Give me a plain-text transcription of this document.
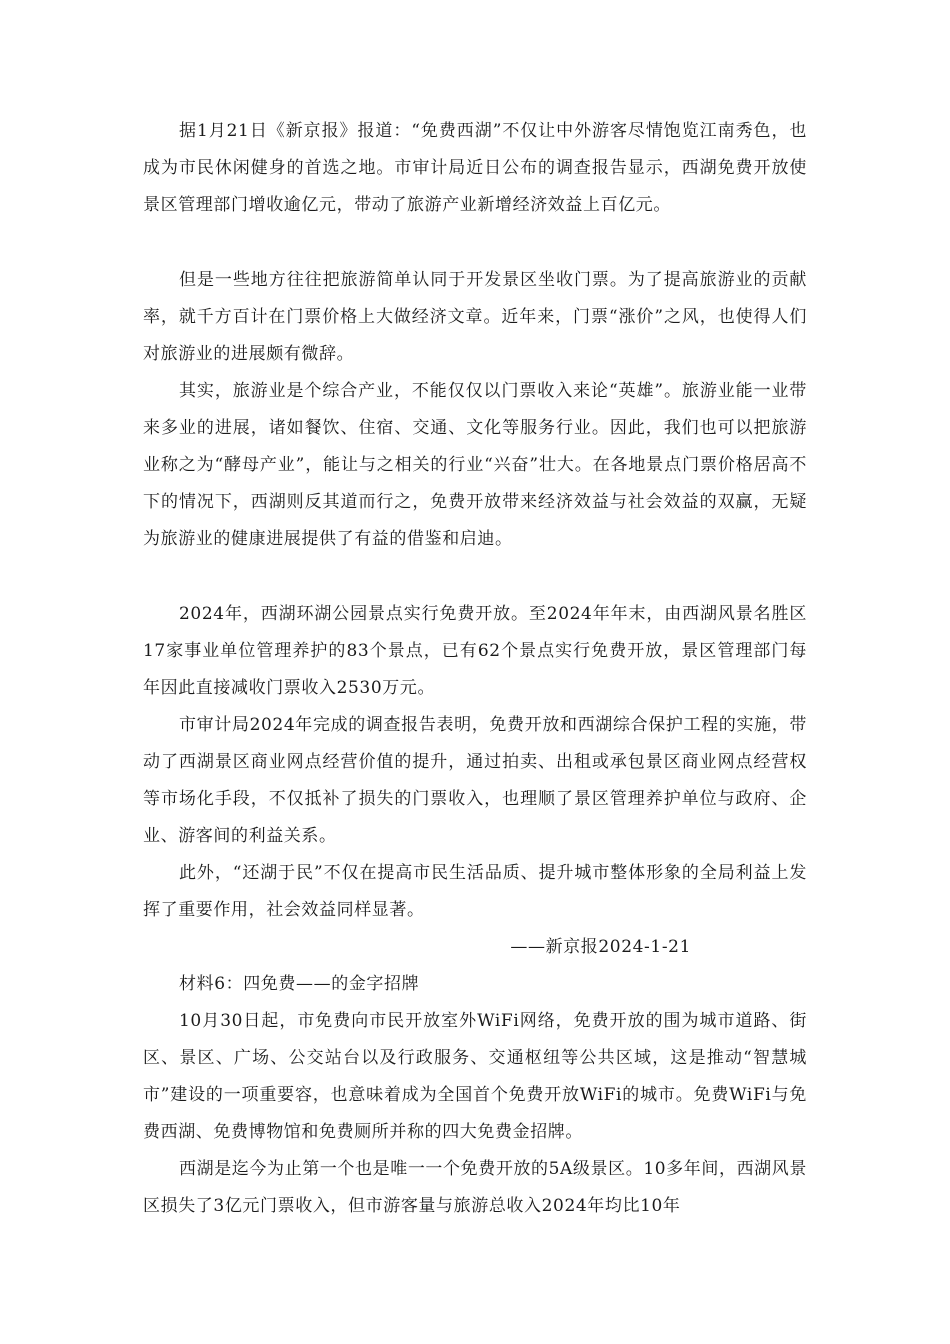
据1月21日《新京报》报道：“免费西湖”不仅让中外游客尽情饱览江南秀色，也成为市民休闲健身的首选之地。市审计局近日公布的调查报告显示，西湖免费开放使景区管理部门增收逾亿元，带动了旅游产业新增经济效益上百亿元。

但是一些地方往往把旅游简单认同于开发景区坐收门票。为了提高旅游业的贡献率，就千方百计在门票价格上大做经济文章。近年来，门票“涨价”之风，也使得人们对旅游业的进展颇有微辞。

其实，旅游业是个综合产业，不能仅仅以门票收入来论“英雄”。旅游业能一业带来多业的进展，诸如餐饮、住宿、交通、文化等服务行业。因此，我们也可以把旅游业称之为“酵母产业”，能让与之相关的行业“兴奋”壮大。在各地景点门票价格居高不下的情况下，西湖则反其道而行之，免费开放带来经济效益与社会效益的双赢，无疑为旅游业的健康进展提供了有益的借鉴和启迪。

2024年，西湖环湖公园景点实行免费开放。至2024年年末，由西湖风景名胜区17家事业单位管理养护的83个景点，已有62个景点实行免费开放，景区管理部门每年因此直接减收门票收入2530万元。

市审计局2024年完成的调查报告表明，免费开放和西湖综合保护工程的实施，带动了西湖景区商业网点经营价值的提升，通过拍卖、出租或承包景区商业网点经营权等市场化手段，不仅抵补了损失的门票收入，也理顺了景区管理养护单位与政府、企业、游客间的利益关系。

此外，“还湖于民”不仅在提高市民生活品质、提升城市整体形象的全局利益上发挥了重要作用，社会效益同样显著。

——新京报2024-1-21
材料6：四免费——的金字招牌

10月30日起，市免费向市民开放室外WiFi网络，免费开放的围为城市道路、街区、景区、广场、公交站台以及行政服务、交通枢纽等公共区域，这是推动“智慧城市”建设的一项重要容，也意味着成为全国首个免费开放WiFi的城市。免费WiFi与免费西湖、免费博物馆和免费厕所并称的四大免费金招牌。

西湖是迄今为止第一个也是唯一一个免费开放的5A级景区。10多年间，西湖风景区损失了3亿元门票收入，但市游客量与旅游总收入2024年均比10年
